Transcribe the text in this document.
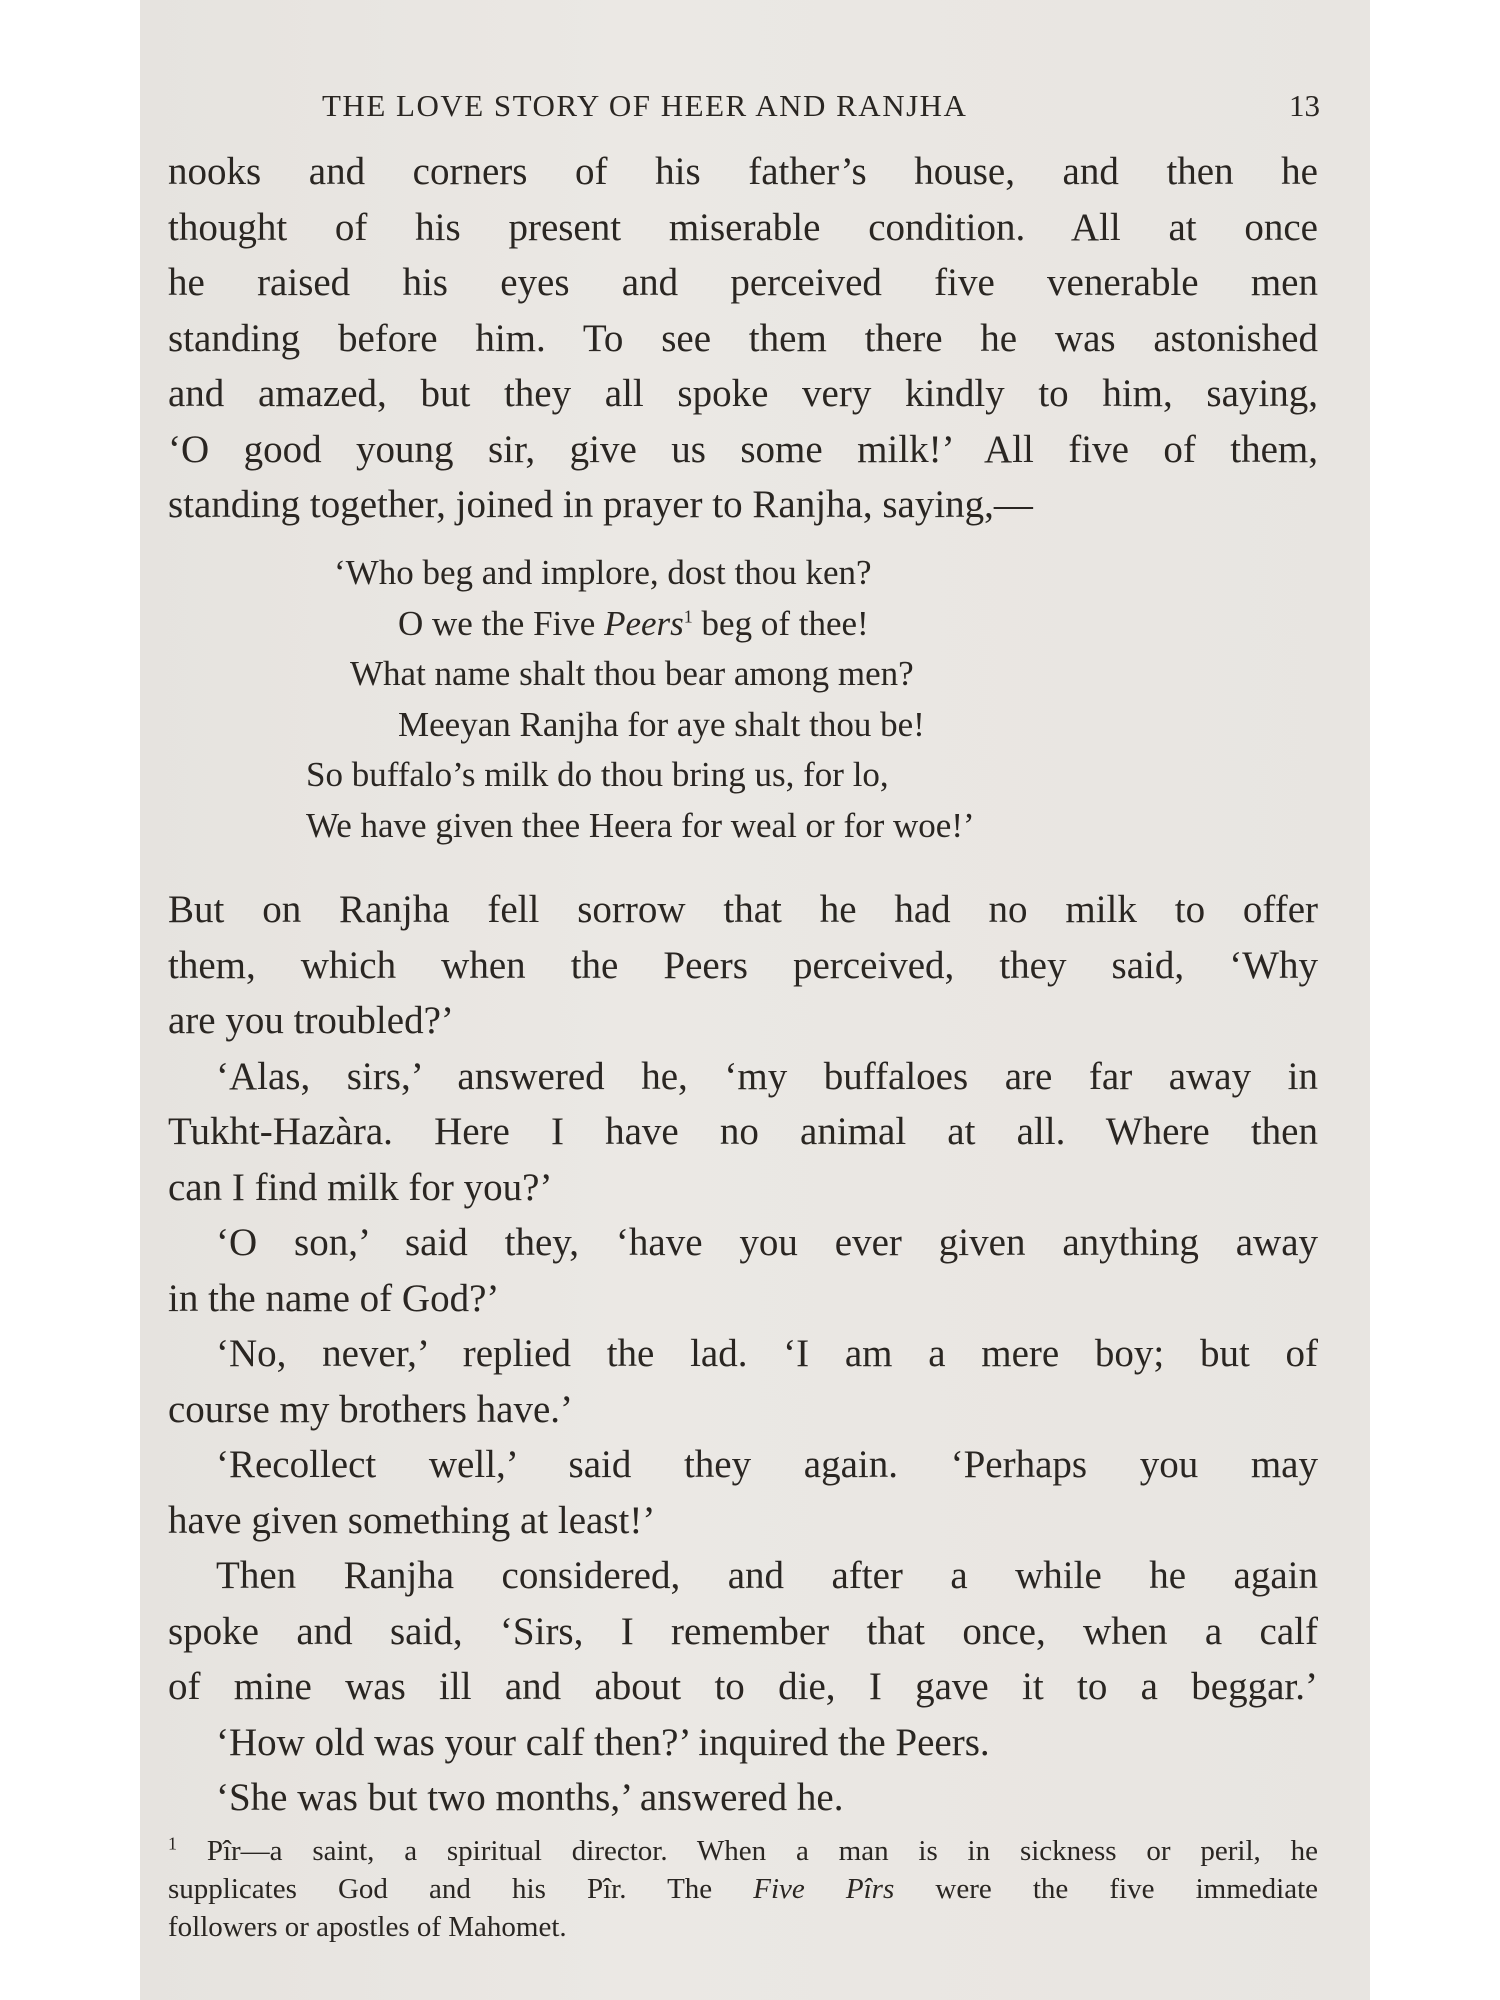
THE LOVE STORY OF HEER AND RANJHA	13
nooks and corners of his father’s house, and then he
thought of his present miserable condition. All at once
he raised his eyes and perceived five venerable men
standing before him. To see them there he was astonished
and amazed, but they all spoke very kindly to him, saying,
‘O good young sir, give us some milk!’ All five of them,
standing together, joined in prayer to Ranjha, saying,—
‘Who beg and implore, dost thou ken?
O we the Five Peers$^1$ beg of thee!
What name shalt thou bear among men?
Meeyan Ranjha for aye shalt thou be!
So buffalo’s milk do thou bring us, for lo,
We have given thee Heera for weal or for woe!’

But on Ranjha fell sorrow that he had no milk to offer
them, which when the Peers perceived, they said, ‘Why
are you troubled?’

‘Alas, sirs,’ answered he, ‘my buffaloes are far away in
Tukht-Hazàra. Here I have no animal at all. Where then
can I find milk for you?’

‘O son,’ said they, ‘have you ever given anything away
in the name of God?’

‘No, never,’ replied the lad. ‘I am a mere boy; but of
course my brothers have.’

‘Recollect well,’ said they again. ‘Perhaps you may
have given something at least!’

Then Ranjha considered, and after a while he again
spoke and said, ‘Sirs, I remember that once, when a calf
of mine was ill and about to die, I gave it to a beggar.’

‘How old was your calf then?’ inquired the Peers.

‘She was but two months,’ answered he.

$^1$ Pîr—a saint, a spiritual director. When a man is in sickness or peril, he
supplicates God and his Pîr. The Five Pîrs were the five immediate
followers or apostles of Mahomet.
